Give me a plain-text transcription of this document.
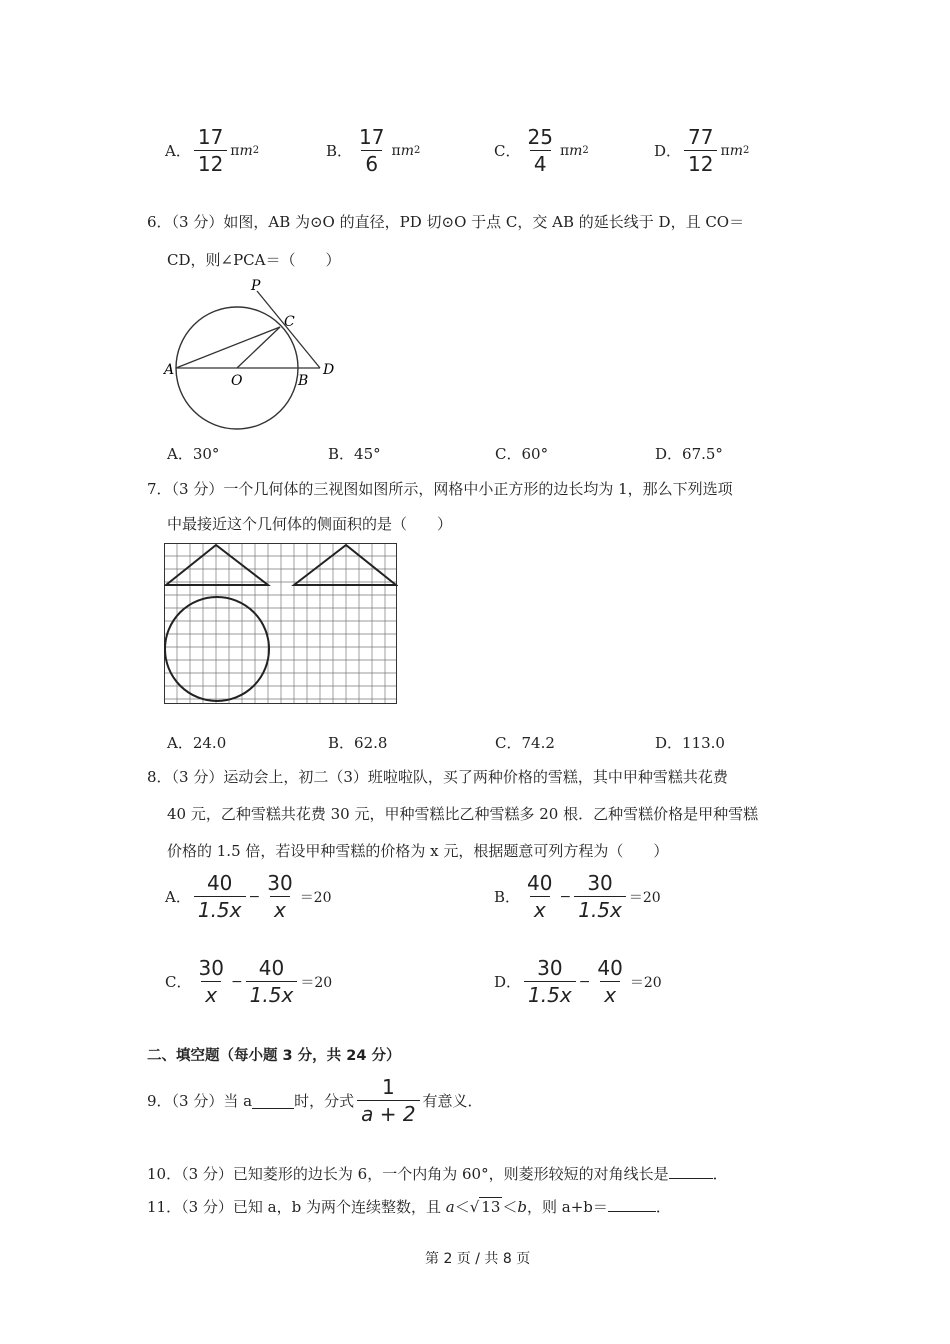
A． $\frac{17}{12}$ π m 2	B． $\frac{17}{6}$ π m 2	C． $\frac{25}{4}$ π m 2	D． $\frac{77}{12}$ π m 2
6．（3 分）如图，AB 为⊙O 的直径，PD 切⊙O 于点 C，交 AB 的延长线于 D，且 CO＝
CD，则∠PCA＝（　　）
P
C
A
O	B
D
A．30°	B．45°	C．60°	D．67.5°
7．（3 分）一个几何体的三视图如图所示，网格中小正方形的边长均为 1，那么下列选项
中最接近这个几何体的侧面积的是（　　）
A．24.0	B．62.8	C．74.2	D．113.0
8．（3 分）运动会上，初二（3）班啦啦队，买了两种价格的雪糕，其中甲种雪糕共花费
40 元，乙种雪糕共花费 30 元，甲种雪糕比乙种雪糕多 20 根．乙种雪糕价格是甲种雪糕
价格的 1.5 倍，若设甲种雪糕的价格为 x 元，根据题意可列方程为（　　）
A． $\frac{40}{1.5x} - \frac{30}{x} =20$	B． $\frac{40}{x} - \frac{30}{1.5x} =20$
C． $\frac{30}{x} - \frac{40}{1.5x} =20$	D． $\frac{30}{1.5x} - \frac{40}{x} =20$
二、填空题（每小题 3 分，共 24 分）
9．（3 分）当 a	时，分式 $\frac{1}{a + 2}$ 有意义．
10．（3 分）已知菱形的边长为 6，一个内角为 60°，则菱形较短的对角线长是	．
11．（3 分）已知 a，b 为两个连续整数，且 a＜√ 13 ＜b，则 a+b＝	．
第 2 页 / 共 8 页
